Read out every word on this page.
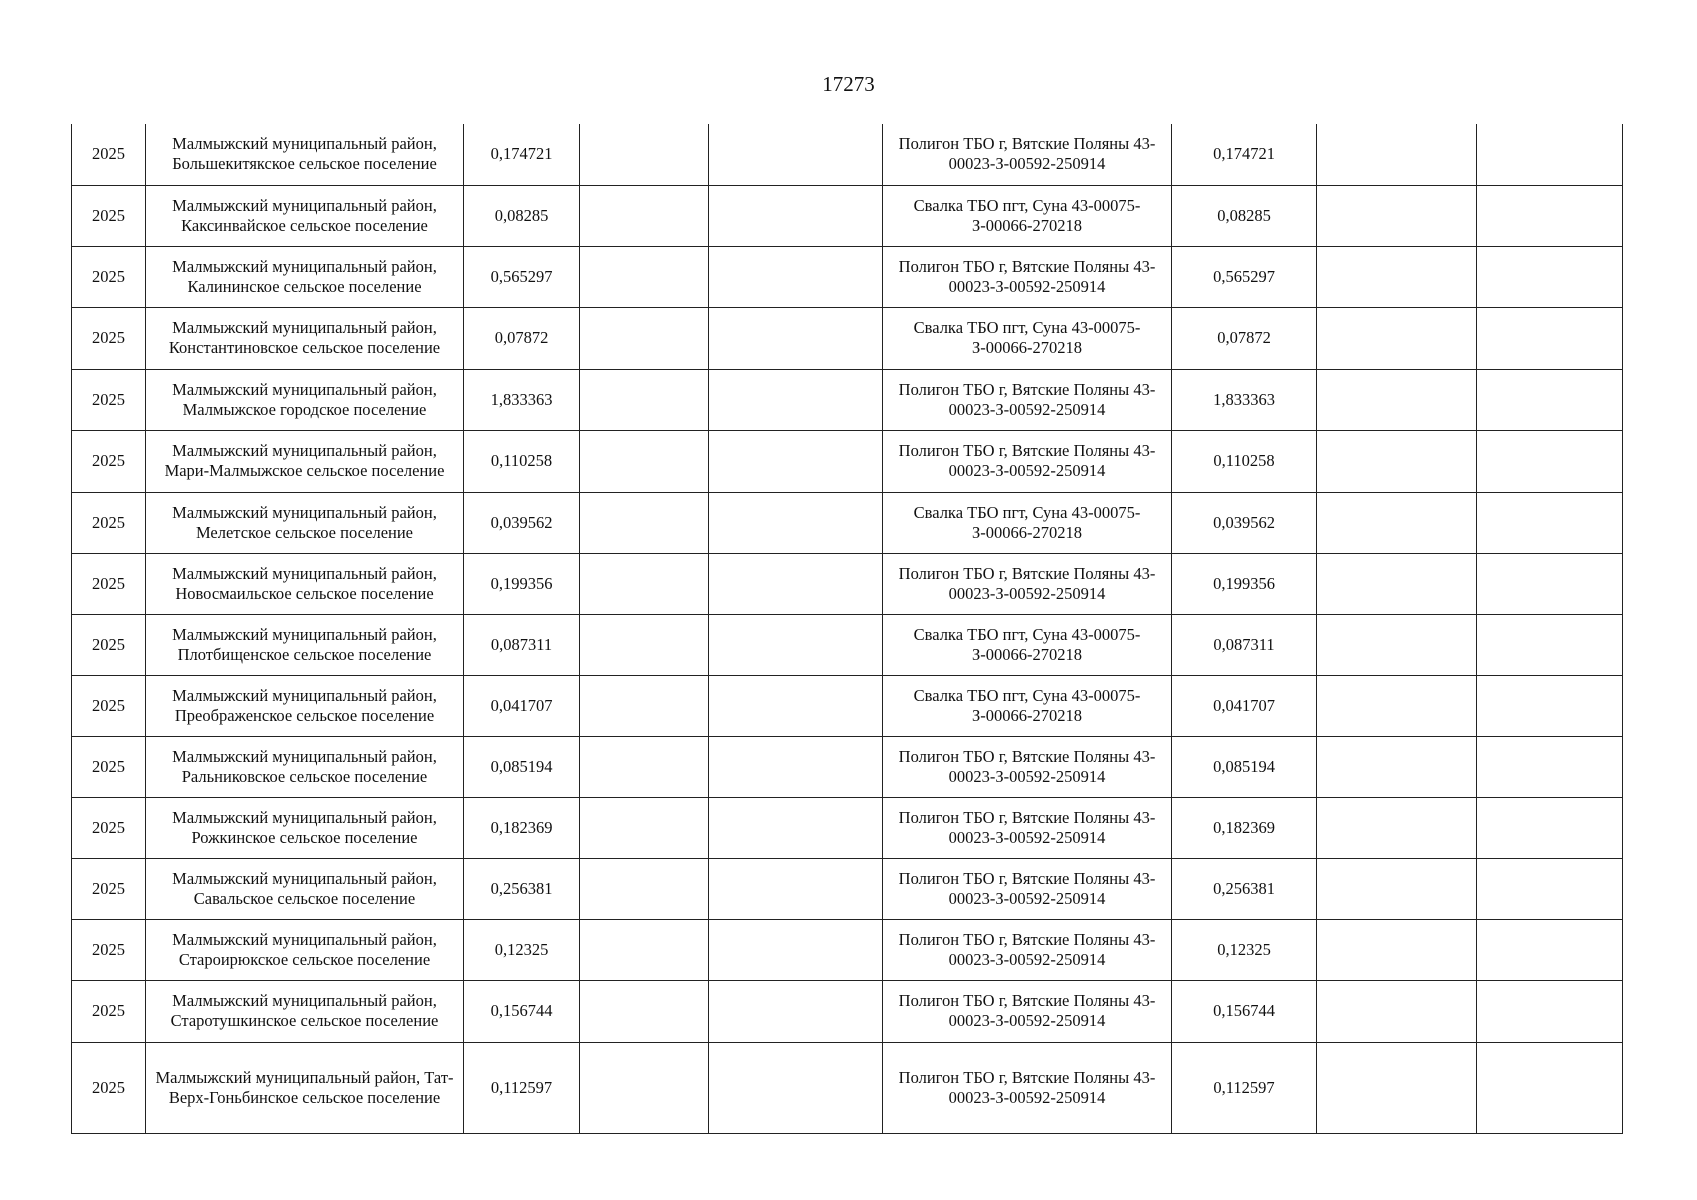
17273
2025	Малмыжский муниципальный район, Большекитякское сельское поселение	0,174721			Полигон ТБО г, Вятские Поляны 43-00023-З-00592-250914	0,174721		
2025	Малмыжский муниципальный район, Каксинвайское сельское поселение	0,08285			Свалка ТБО пгт, Суна 43-00075-З-00066-270218	0,08285		
2025	Малмыжский муниципальный район, Калининское сельское поселение	0,565297			Полигон ТБО г, Вятские Поляны 43-00023-З-00592-250914	0,565297		
2025	Малмыжский муниципальный район, Константиновское сельское поселение	0,07872			Свалка ТБО пгт, Суна 43-00075-З-00066-270218	0,07872		
2025	Малмыжский муниципальный район, Малмыжское городское поселение	1,833363			Полигон ТБО г, Вятские Поляны 43-00023-З-00592-250914	1,833363		
2025	Малмыжский муниципальный район, Мари-Малмыжское сельское поселение	0,110258			Полигон ТБО г, Вятские Поляны 43-00023-З-00592-250914	0,110258		
2025	Малмыжский муниципальный район, Мелетское сельское поселение	0,039562			Свалка ТБО пгт, Суна 43-00075-З-00066-270218	0,039562		
2025	Малмыжский муниципальный район, Новосмаильское сельское поселение	0,199356			Полигон ТБО г, Вятские Поляны 43-00023-З-00592-250914	0,199356		
2025	Малмыжский муниципальный район, Плотбищенское сельское поселение	0,087311			Свалка ТБО пгт, Суна 43-00075-З-00066-270218	0,087311		
2025	Малмыжский муниципальный район, Преображенское сельское поселение	0,041707			Свалка ТБО пгт, Суна 43-00075-З-00066-270218	0,041707		
2025	Малмыжский муниципальный район, Ральниковское сельское поселение	0,085194			Полигон ТБО г, Вятские Поляны 43-00023-З-00592-250914	0,085194		
2025	Малмыжский муниципальный район, Рожкинское сельское поселение	0,182369			Полигон ТБО г, Вятские Поляны 43-00023-З-00592-250914	0,182369		
2025	Малмыжский муниципальный район, Савальское сельское поселение	0,256381			Полигон ТБО г, Вятские Поляны 43-00023-З-00592-250914	0,256381		
2025	Малмыжский муниципальный район, Староирюкское сельское поселение	0,12325			Полигон ТБО г, Вятские Поляны 43-00023-З-00592-250914	0,12325		
2025	Малмыжский муниципальный район, Старотушкинское сельское поселение	0,156744			Полигон ТБО г, Вятские Поляны 43-00023-З-00592-250914	0,156744		
2025	Малмыжский муниципальный район, Тат-Верх-Гоньбинское сельское поселение	0,112597			Полигон ТБО г, Вятские Поляны 43-00023-З-00592-250914	0,112597		
